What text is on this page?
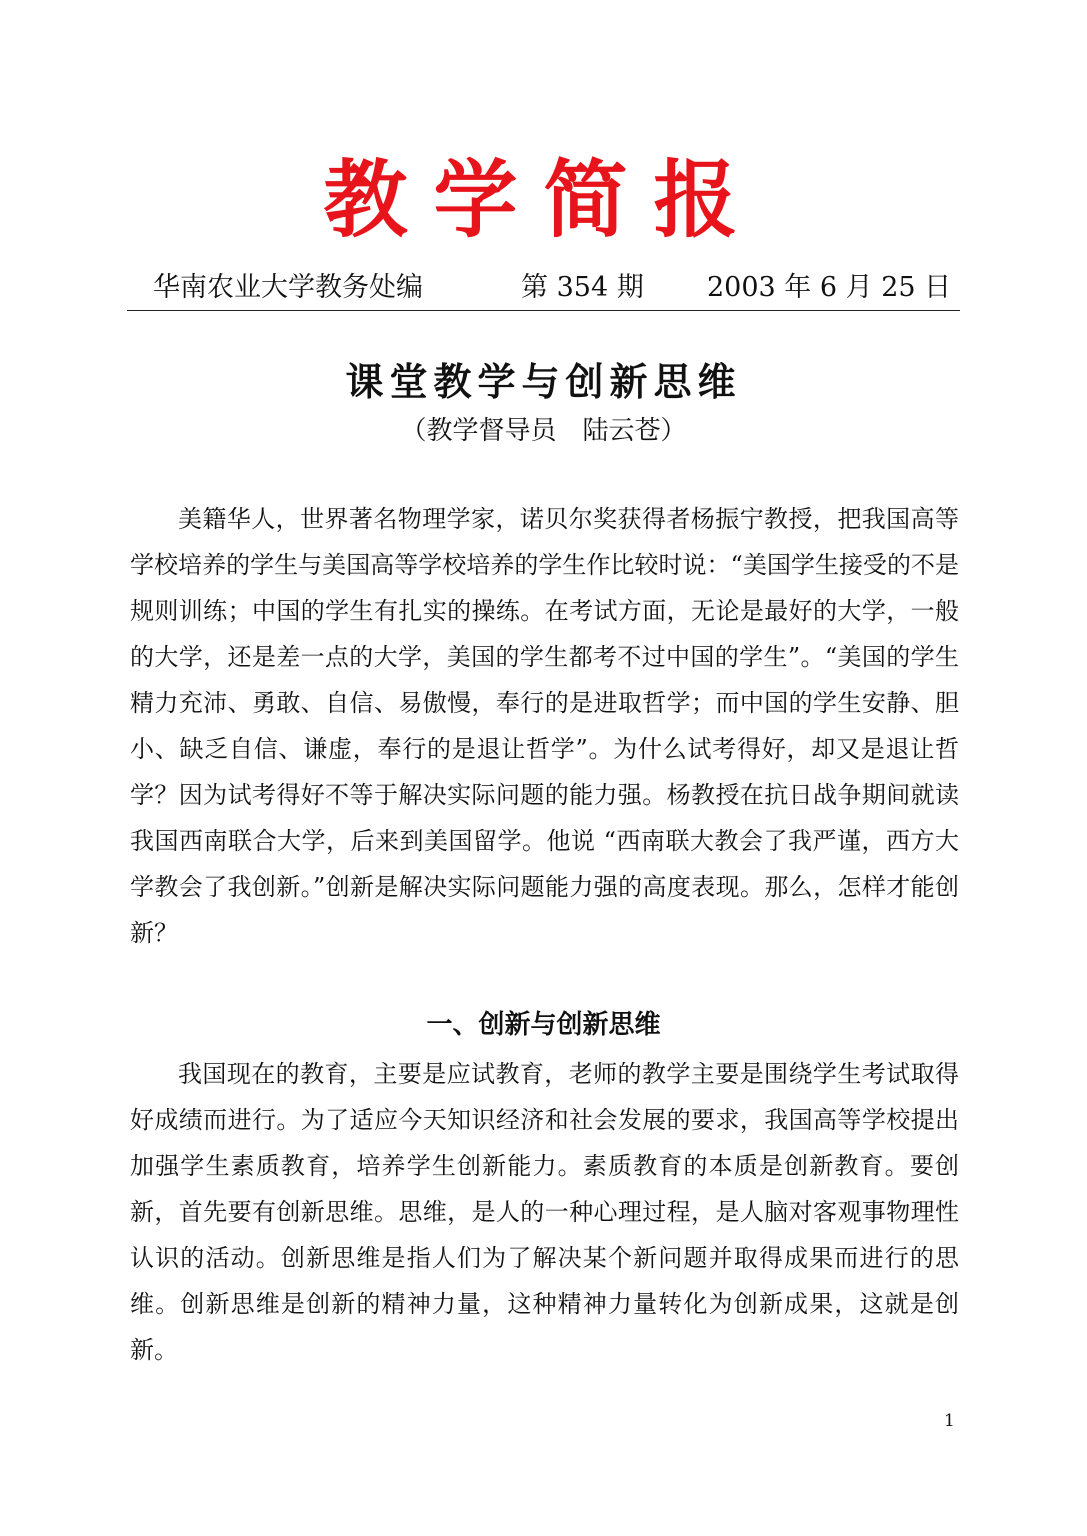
教学简报
华南农业大学教务处编	第 354 期 2003 年 6 月 25 日
课堂教学与创新思维
（教学督导员　陆云苍）

美籍华人，世界著名物理学家，诺贝尔奖获得者杨振宁教授，把我国高等学校培养的学生与美国高等学校培养的学生作比较时说：“美国学生接受的不是规则训练；中国的学生有扎实的操练。在考试方面，无论是最好的大学，一般的大学，还是差一点的大学，美国的学生都考不过中国的学生”。“美国的学生精力充沛、勇敢、自信、易傲慢，奉行的是进取哲学；而中国的学生安静、胆小、缺乏自信、谦虚，奉行的是退让哲学”。为什么试考得好，却又是退让哲学？因为试考得好不等于解决实际问题的能力强。杨教授在抗日战争期间就读我国西南联合大学，后来到美国留学。他说 “西南联大教会了我严谨，西方大学教会了我创新。”创新是解决实际问题能力强的高度表现。那么，怎样才能创新？

一、创新与创新思维

我国现在的教育，主要是应试教育，老师的教学主要是围绕学生考试取得好成绩而进行。为了适应今天知识经济和社会发展的要求，我国高等学校提出加强学生素质教育，培养学生创新能力。素质教育的本质是创新教育。要创新，首先要有创新思维。思维，是人的一种心理过程，是人脑对客观事物理性认识的活动。创新思维是指人们为了解决某个新问题并取得成果而进行的思维。创新思维是创新的精神力量，这种精神力量转化为创新成果，这就是创新。

1
